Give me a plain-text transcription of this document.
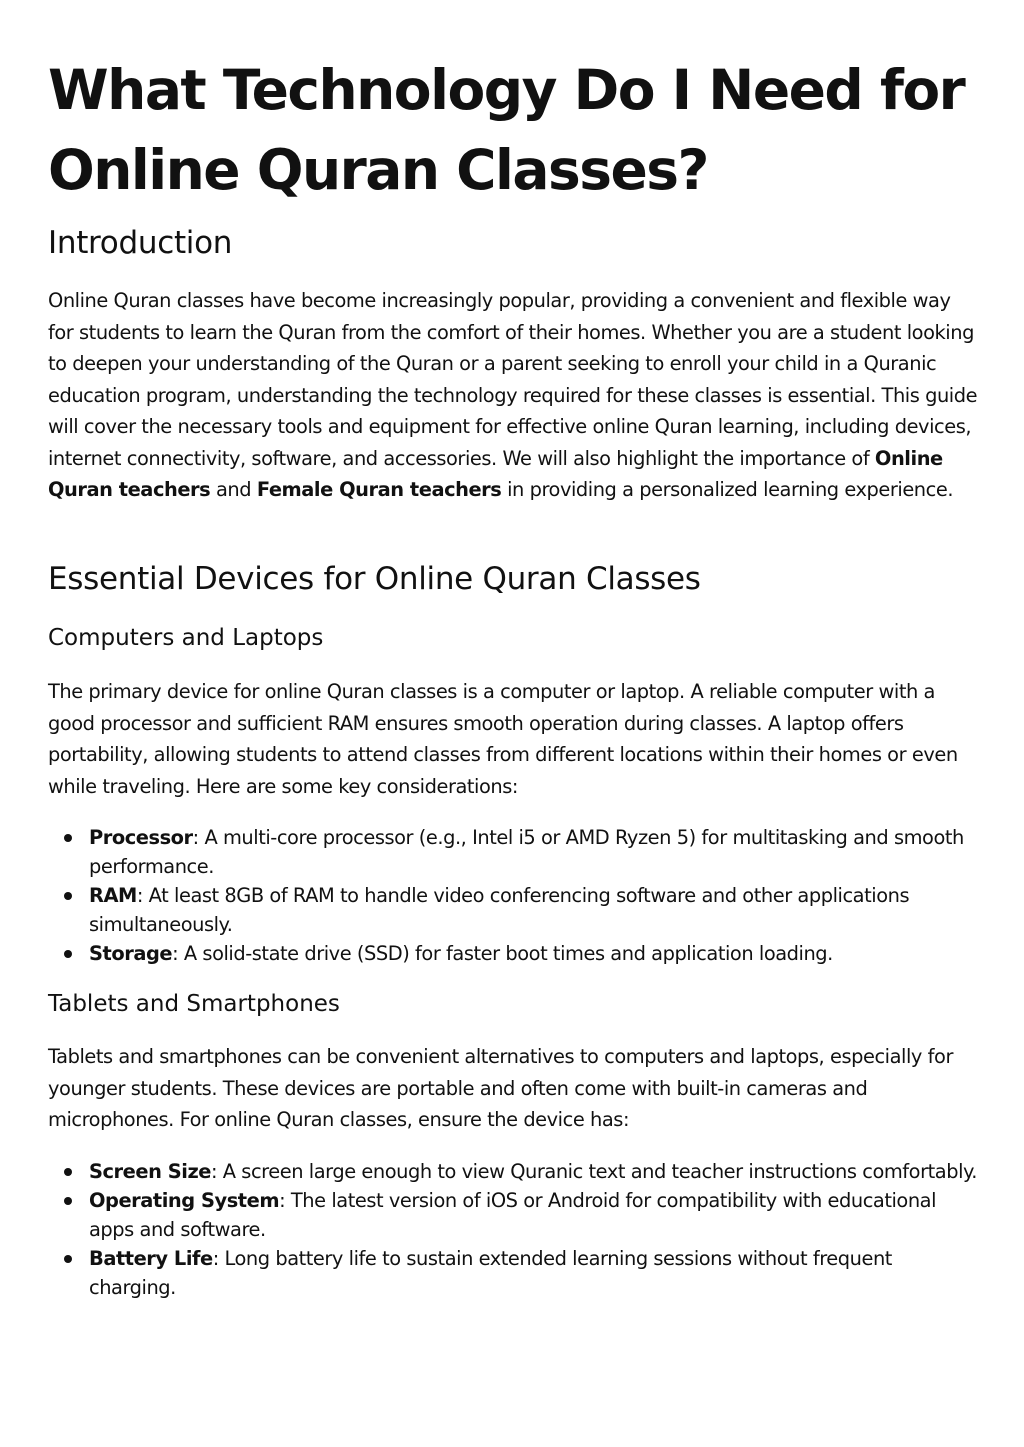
What Technology Do I Need for Online Quran Classes?
Introduction

Online Quran classes have become increasingly popular, providing a convenient and flexible way for students to learn the Quran from the comfort of their homes. Whether you are a student looking to deepen your understanding of the Quran or a parent seeking to enroll your child in a Quranic education program, understanding the technology required for these classes is essential. This guide will cover the necessary tools and equipment for effective online Quran learning, including devices, internet connectivity, software, and accessories. We will also highlight the importance of Online Quran teachers and Female Quran teachers in providing a personalized learning experience.

Essential Devices for Online Quran Classes
Computers and Laptops

The primary device for online Quran classes is a computer or laptop. A reliable computer with a good processor and sufficient RAM ensures smooth operation during classes. A laptop offers portability, allowing students to attend classes from different locations within their homes or even while traveling. Here are some key considerations:

Processor: A multi-core processor (e.g., Intel i5 or AMD Ryzen 5) for multitasking and smooth performance.
RAM: At least 8GB of RAM to handle video conferencing software and other applications simultaneously.
Storage: A solid-state drive (SSD) for faster boot times and application loading.
Tablets and Smartphones

Tablets and smartphones can be convenient alternatives to computers and laptops, especially for younger students. These devices are portable and often come with built-in cameras and microphones. For online Quran classes, ensure the device has:

Screen Size: A screen large enough to view Quranic text and teacher instructions comfortably.
Operating System: The latest version of iOS or Android for compatibility with educational apps and software.
Battery Life: Long battery life to sustain extended learning sessions without frequent charging.
